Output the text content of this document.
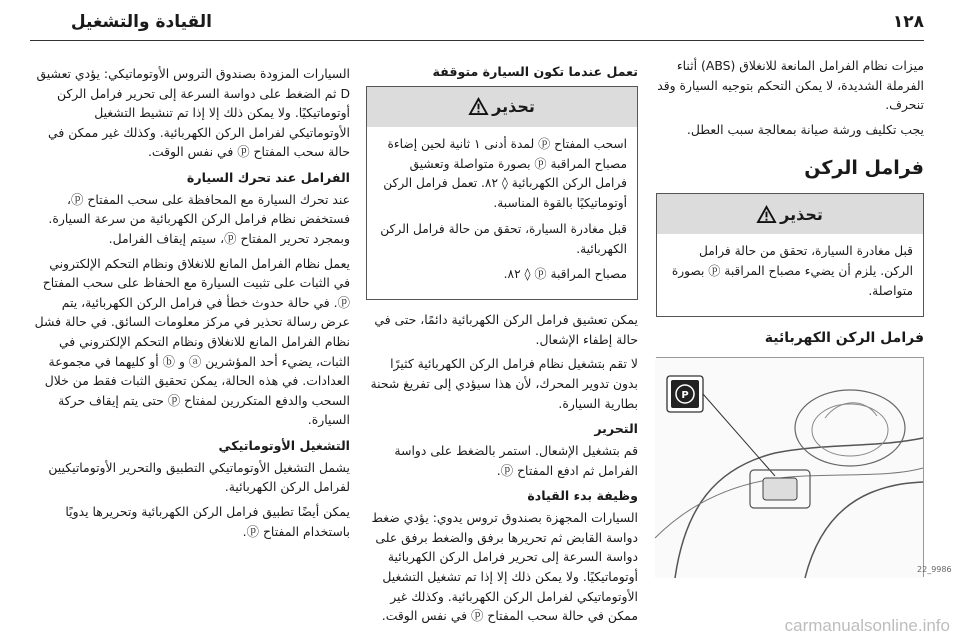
١٢٨
القيادة والتشغيل

ميزات نظام الفرامل المانعة للانغلاق (ABS) أثناء الفرملة الشديدة، لا يمكن التحكم بتوجيه السيارة وقد تنحرف.

يجب تكليف ورشة صيانة بمعالجة سبب العطل.

فرامل الركن
تحذير

قبل مغادرة السيارة، تحقق من حالة فرامل الركن. يلزم أن يضيء مصباح المراقبة ⓟ بصورة متواصلة.

فرامل الركن الكهربائية
P
9986_22
تعمل عندما تكون السيارة متوقفة
تحذير

اسحب المفتاح ⓟ لمدة أدنى ١ ثانية لحين إضاءة مصباح المراقبة ⓟ بصورة متواصلة وتعشيق فرامل الركن الكهربائية ◊ ٨٢. تعمل فرامل الركن أوتوماتيكيًا بالقوة المناسبة.

قبل مغادرة السيارة، تحقق من حالة فرامل الركن الكهربائية.

مصباح المراقبة ⓟ ◊ ٨٢.

يمكن تعشيق فرامل الركن الكهربائية دائمًا، حتى في حالة إطفاء الإشعال.

لا تقم بتشغيل نظام فرامل الركن الكهربائية كثيرًا بدون تدوير المحرك، لأن هذا سيؤدي إلى تفريغ شحنة بطارية السيارة.

التحرير

قم بتشغيل الإشعال. استمر بالضغط على دواسة الفرامل ثم ادفع المفتاح ⓟ.

وظيفة بدء القيادة

السيارات المجهزة بصندوق تروس يدوي: يؤدي ضغط دواسة القابض ثم تحريرها برفق والضغط برفق على دواسة السرعة إلى تحرير فرامل الركن الكهربائية أوتوماتيكيًا. ولا يمكن ذلك إلا إذا تم تشغيل التشغيل الأوتوماتيكي لفرامل الركن الكهربائية. وكذلك غير ممكن في حالة سحب المفتاح ⓟ في نفس الوقت.

السيارات المزودة بصندوق التروس الأوتوماتيكي: يؤدي تعشيق D ثم الضغط على دواسة السرعة إلى تحرير فرامل الركن أوتوماتيكيًا. ولا يمكن ذلك إلا إذا تم تنشيط التشغيل الأوتوماتيكي لفرامل الركن الكهربائية. وكذلك غير ممكن في حالة سحب المفتاح ⓟ في نفس الوقت.

الفرامل عند تحرك السيارة

عند تحرك السيارة مع المحافظة على سحب المفتاح ⓟ، فستخفض نظام فرامل الركن الكهربائية من سرعة السيارة. وبمجرد تحرير المفتاح ⓟ، سيتم إيقاف الفرامل.

يعمل نظام الفرامل المانع للانغلاق ونظام التحكم الإلكتروني في الثبات على تثبيت السيارة مع الحفاظ على سحب المفتاح ⓟ. في حالة حدوث خطأ في فرامل الركن الكهربائية، يتم عرض رسالة تحذير في مركز معلومات السائق. في حالة فشل نظام الفرامل المانع للانغلاق ونظام التحكم الإلكتروني في الثبات، يضيء أحد المؤشرين ⓐ و ⓑ أو كليهما في مجموعة العدادات. في هذه الحالة، يمكن تحقيق الثبات فقط من خلال السحب والدفع المتكررين لمفتاح ⓟ حتى يتم إيقاف حركة السيارة.

التشغيل الأوتوماتيكي

يشمل التشغيل الأوتوماتيكي التطبيق والتحرير الأوتوماتيكيين لفرامل الركن الكهربائية.

يمكن أيضًا تطبيق فرامل الركن الكهربائية وتحريرها يدويًا باستخدام المفتاح ⓟ.

carmanualsonline.info
